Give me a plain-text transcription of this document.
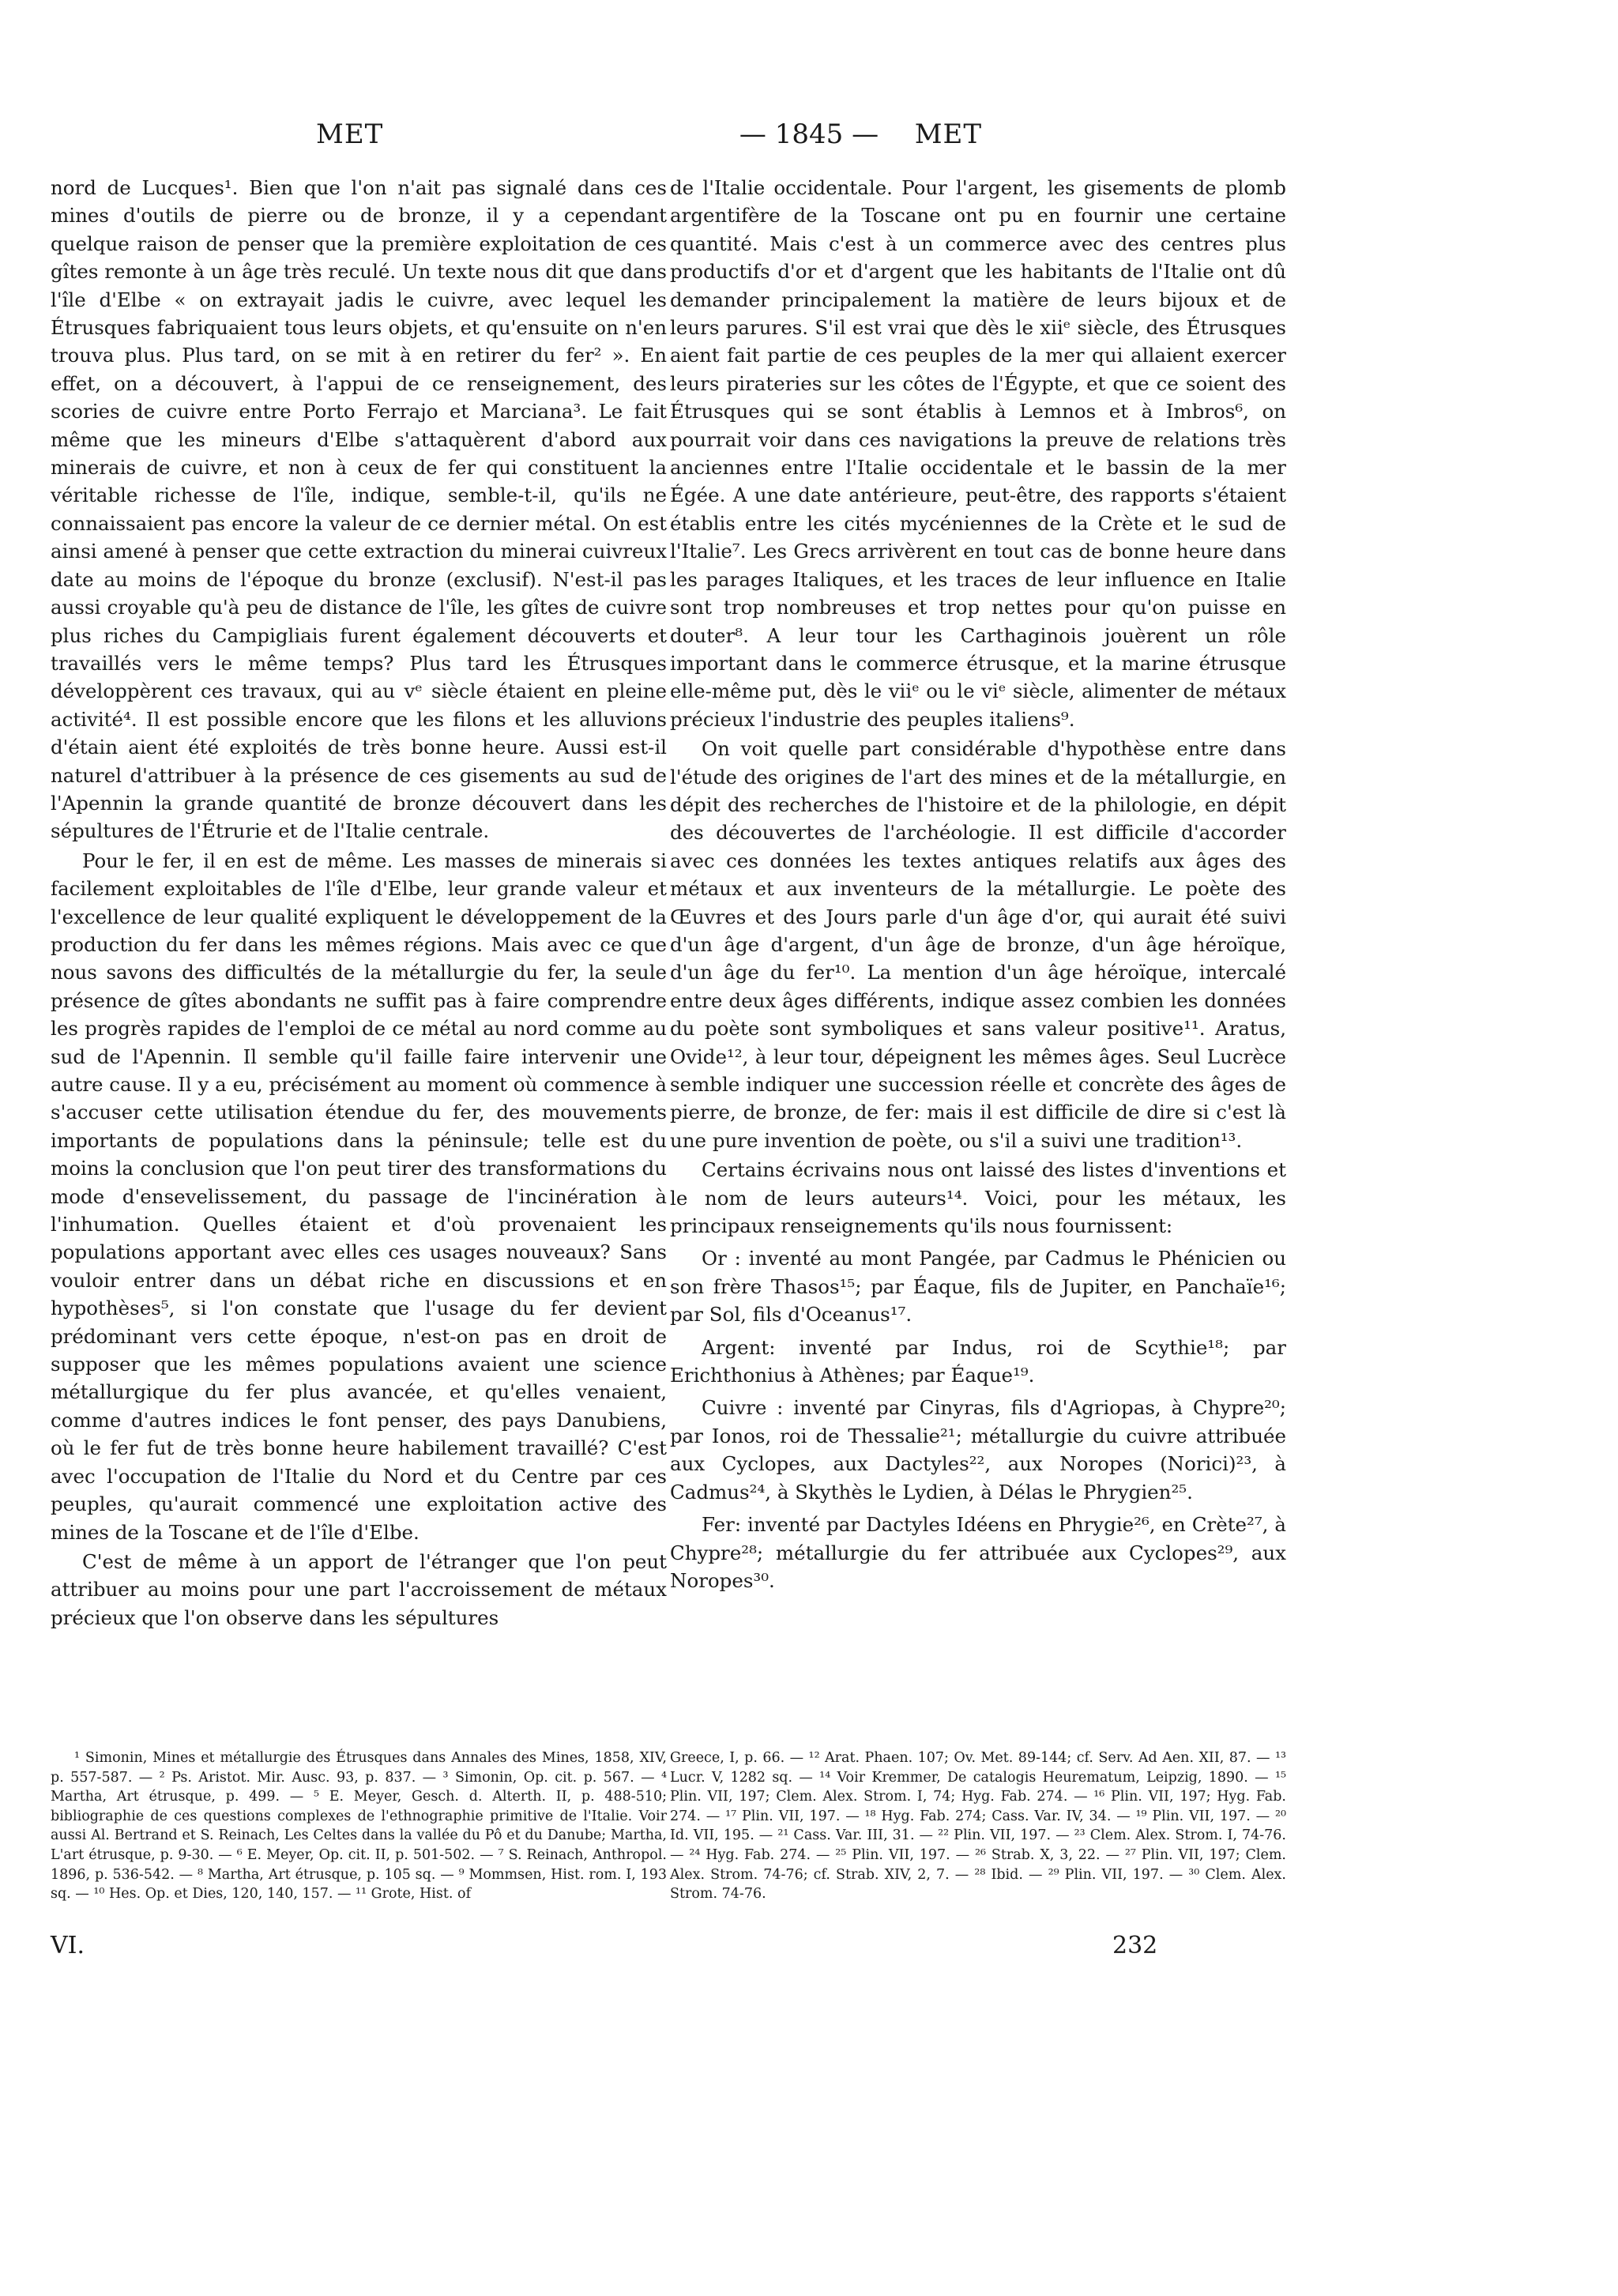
MET	— 1845 —	MET

nord de Lucques¹. Bien que l'on n'ait pas signalé dans ces mines d'outils de pierre ou de bronze, il y a cependant quelque raison de penser que la première exploitation de ces gîtes remonte à un âge très reculé. Un texte nous dit que dans l'île d'Elbe « on extrayait jadis le cuivre, avec lequel les Étrusques fabriquaient tous leurs objets, et qu'ensuite on n'en trouva plus. Plus tard, on se mit à en retirer du fer² ». En effet, on a découvert, à l'appui de ce renseignement, des scories de cuivre entre Porto Ferrajo et Marciana³. Le fait même que les mineurs d'Elbe s'attaquèrent d'abord aux minerais de cuivre, et non à ceux de fer qui constituent la véritable richesse de l'île, indique, semble-t-il, qu'ils ne connaissaient pas encore la valeur de ce dernier métal. On est ainsi amené à penser que cette extraction du minerai cuivreux date au moins de l'époque du bronze (exclusif). N'est-il pas aussi croyable qu'à peu de distance de l'île, les gîtes de cuivre plus riches du Campigliais furent également découverts et travaillés vers le même temps? Plus tard les Étrusques développèrent ces travaux, qui au vᵉ siècle étaient en pleine activité⁴. Il est possible encore que les filons et les alluvions d'étain aient été exploités de très bonne heure. Aussi est-il naturel d'attribuer à la présence de ces gisements au sud de l'Apennin la grande quantité de bronze découvert dans les sépultures de l'Étrurie et de l'Italie centrale.

Pour le fer, il en est de même. Les masses de minerais si facilement exploitables de l'île d'Elbe, leur grande valeur et l'excellence de leur qualité expliquent le développement de la production du fer dans les mêmes régions. Mais avec ce que nous savons des difficultés de la métallurgie du fer, la seule présence de gîtes abondants ne suffit pas à faire comprendre les progrès rapides de l'emploi de ce métal au nord comme au sud de l'Apennin. Il semble qu'il faille faire intervenir une autre cause. Il y a eu, précisément au moment où commence à s'accuser cette utilisation étendue du fer, des mouvements importants de populations dans la péninsule; telle est du moins la conclusion que l'on peut tirer des transformations du mode d'ensevelissement, du passage de l'incinération à l'inhumation. Quelles étaient et d'où provenaient les populations apportant avec elles ces usages nouveaux? Sans vouloir entrer dans un débat riche en discussions et en hypothèses⁵, si l'on constate que l'usage du fer devient prédominant vers cette époque, n'est-on pas en droit de supposer que les mêmes populations avaient une science métallurgique du fer plus avancée, et qu'elles venaient, comme d'autres indices le font penser, des pays Danubiens, où le fer fut de très bonne heure habilement travaillé? C'est avec l'occupation de l'Italie du Nord et du Centre par ces peuples, qu'aurait commencé une exploitation active des mines de la Toscane et de l'île d'Elbe.

C'est de même à un apport de l'étranger que l'on peut attribuer au moins pour une part l'accroissement de métaux précieux que l'on observe dans les sépultures

de l'Italie occidentale. Pour l'argent, les gisements de plomb argentifère de la Toscane ont pu en fournir une certaine quantité. Mais c'est à un commerce avec des centres plus productifs d'or et d'argent que les habitants de l'Italie ont dû demander principalement la matière de leurs bijoux et de leurs parures. S'il est vrai que dès le xiiᵉ siècle, des Étrusques aient fait partie de ces peuples de la mer qui allaient exercer leurs pirateries sur les côtes de l'Égypte, et que ce soient des Étrusques qui se sont établis à Lemnos et à Imbros⁶, on pourrait voir dans ces navigations la preuve de relations très anciennes entre l'Italie occidentale et le bassin de la mer Égée. A une date antérieure, peut-être, des rapports s'étaient établis entre les cités mycéniennes de la Crète et le sud de l'Italie⁷. Les Grecs arrivèrent en tout cas de bonne heure dans les parages Italiques, et les traces de leur influence en Italie sont trop nombreuses et trop nettes pour qu'on puisse en douter⁸. A leur tour les Carthaginois jouèrent un rôle important dans le commerce étrusque, et la marine étrusque elle-même put, dès le viiᵉ ou le viᵉ siècle, alimenter de métaux précieux l'industrie des peuples italiens⁹.

On voit quelle part considérable d'hypothèse entre dans l'étude des origines de l'art des mines et de la métallurgie, en dépit des recherches de l'histoire et de la philologie, en dépit des découvertes de l'archéologie. Il est difficile d'accorder avec ces données les textes antiques relatifs aux âges des métaux et aux inventeurs de la métallurgie. Le poète des Œuvres et des Jours parle d'un âge d'or, qui aurait été suivi d'un âge d'argent, d'un âge de bronze, d'un âge héroïque, d'un âge du fer¹⁰. La mention d'un âge héroïque, intercalé entre deux âges différents, indique assez combien les données du poète sont symboliques et sans valeur positive¹¹. Aratus, Ovide¹², à leur tour, dépeignent les mêmes âges. Seul Lucrèce semble indiquer une succession réelle et concrète des âges de pierre, de bronze, de fer: mais il est difficile de dire si c'est là une pure invention de poète, ou s'il a suivi une tradition¹³.

Certains écrivains nous ont laissé des listes d'inventions et le nom de leurs auteurs¹⁴. Voici, pour les métaux, les principaux renseignements qu'ils nous fournissent:

Or : inventé au mont Pangée, par Cadmus le Phénicien ou son frère Thasos¹⁵; par Éaque, fils de Jupiter, en Panchaïe¹⁶; par Sol, fils d'Oceanus¹⁷.

Argent: inventé par Indus, roi de Scythie¹⁸; par Erichthonius à Athènes; par Éaque¹⁹.

Cuivre : inventé par Cinyras, fils d'Agriopas, à Chypre²⁰; par Ionos, roi de Thessalie²¹; métallurgie du cuivre attribuée aux Cyclopes, aux Dactyles²², aux Noropes (Norici)²³, à Cadmus²⁴, à Skythès le Lydien, à Délas le Phrygien²⁵.

Fer: inventé par Dactyles Idéens en Phrygie²⁶, en Crète²⁷, à Chypre²⁸; métallurgie du fer attribuée aux Cyclopes²⁹, aux Noropes³⁰.

¹ Simonin, Mines et métallurgie des Étrusques dans Annales des Mines, 1858, XIV, p. 557-587. — ² Ps. Aristot. Mir. Ausc. 93, p. 837. — ³ Simonin, Op. cit. p. 567. — ⁴ Martha, Art étrusque, p. 499. — ⁵ E. Meyer, Gesch. d. Alterth. II, p. 488-510; bibliographie de ces questions complexes de l'ethnographie primitive de l'Italie. Voir aussi Al. Bertrand et S. Reinach, Les Celtes dans la vallée du Pô et du Danube; Martha, L'art étrusque, p. 9-30. — ⁶ E. Meyer, Op. cit. II, p. 501-502. — ⁷ S. Reinach, Anthropol. 1896, p. 536-542. — ⁸ Martha, Art étrusque, p. 105 sq. — ⁹ Mommsen, Hist. rom. I, 193 sq. — ¹⁰ Hes. Op. et Dies, 120, 140, 157. — ¹¹ Grote, Hist. of

Greece, I, p. 66. — ¹² Arat. Phaen. 107; Ov. Met. 89-144; cf. Serv. Ad Aen. XII, 87. — ¹³ Lucr. V, 1282 sq. — ¹⁴ Voir Kremmer, De catalogis Heurematum, Leipzig, 1890. — ¹⁵ Plin. VII, 197; Clem. Alex. Strom. I, 74; Hyg. Fab. 274. — ¹⁶ Plin. VII, 197; Hyg. Fab. 274. — ¹⁷ Plin. VII, 197. — ¹⁸ Hyg. Fab. 274; Cass. Var. IV, 34. — ¹⁹ Plin. VII, 197. — ²⁰ Id. VII, 195. — ²¹ Cass. Var. III, 31. — ²² Plin. VII, 197. — ²³ Clem. Alex. Strom. I, 74-76. — ²⁴ Hyg. Fab. 274. — ²⁵ Plin. VII, 197. — ²⁶ Strab. X, 3, 22. — ²⁷ Plin. VII, 197; Clem. Alex. Strom. 74-76; cf. Strab. XIV, 2, 7. — ²⁸ Ibid. — ²⁹ Plin. VII, 197. — ³⁰ Clem. Alex. Strom. 74-76.

VI.	232
